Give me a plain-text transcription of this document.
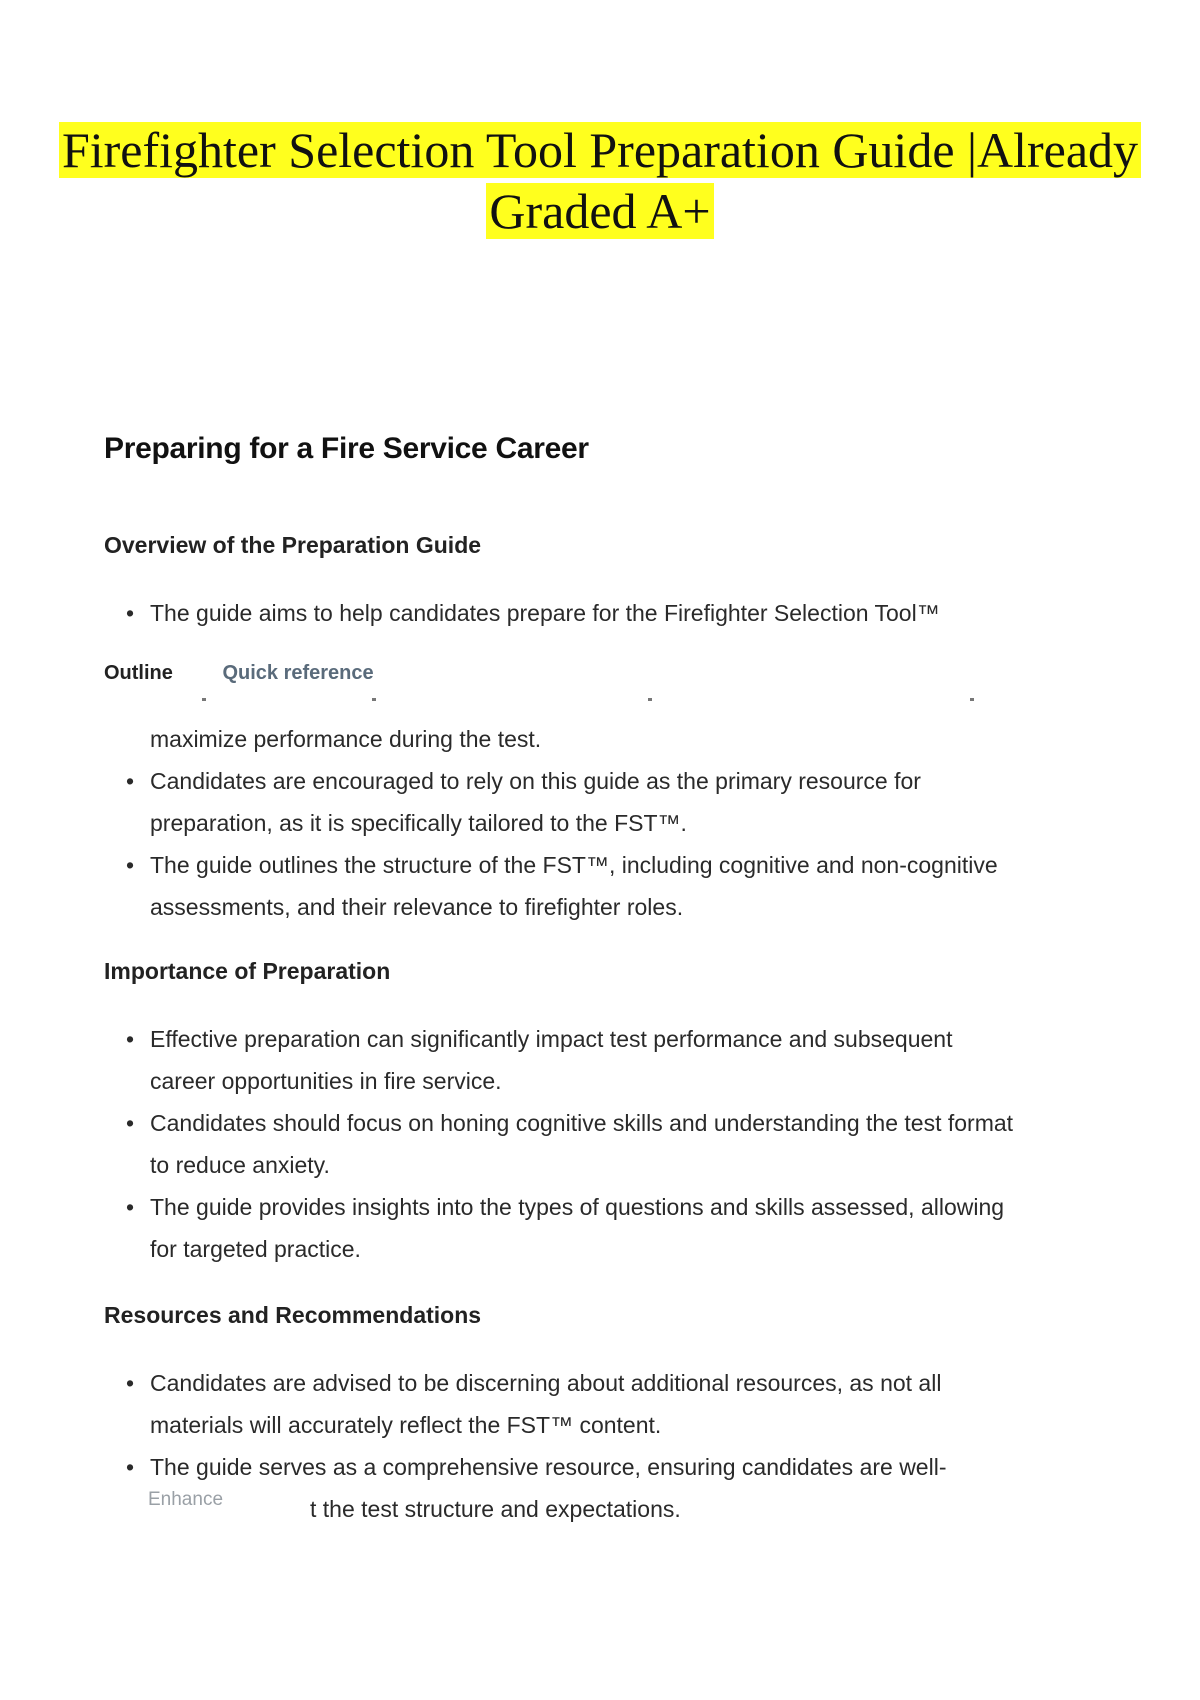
Firefighter Selection Tool Preparation Guide |Already
Graded A+
Preparing for a Fire Service Career
Overview of the Preparation Guide
• The guide aims to help candidates prepare for the Firefighter Selection Tool™
Outline Quick reference
maximize performance during the test.
• Candidates are encouraged to rely on this guide as the primary resource for
preparation, as it is specifically tailored to the FST™.
• The guide outlines the structure of the FST™, including cognitive and non-cognitive
assessments, and their relevance to firefighter roles.
Importance of Preparation
• Effective preparation can significantly impact test performance and subsequent
career opportunities in fire service.
• Candidates should focus on honing cognitive skills and understanding the test format
to reduce anxiety.
• The guide provides insights into the types of questions and skills assessed, allowing
for targeted practice.
Resources and Recommendations
• Candidates are advised to be discerning about additional resources, as not all
materials will accurately reflect the FST™ content.
• The guide serves as a comprehensive resource, ensuring candidates are well-
t the test structure and expectations.
Enhance
